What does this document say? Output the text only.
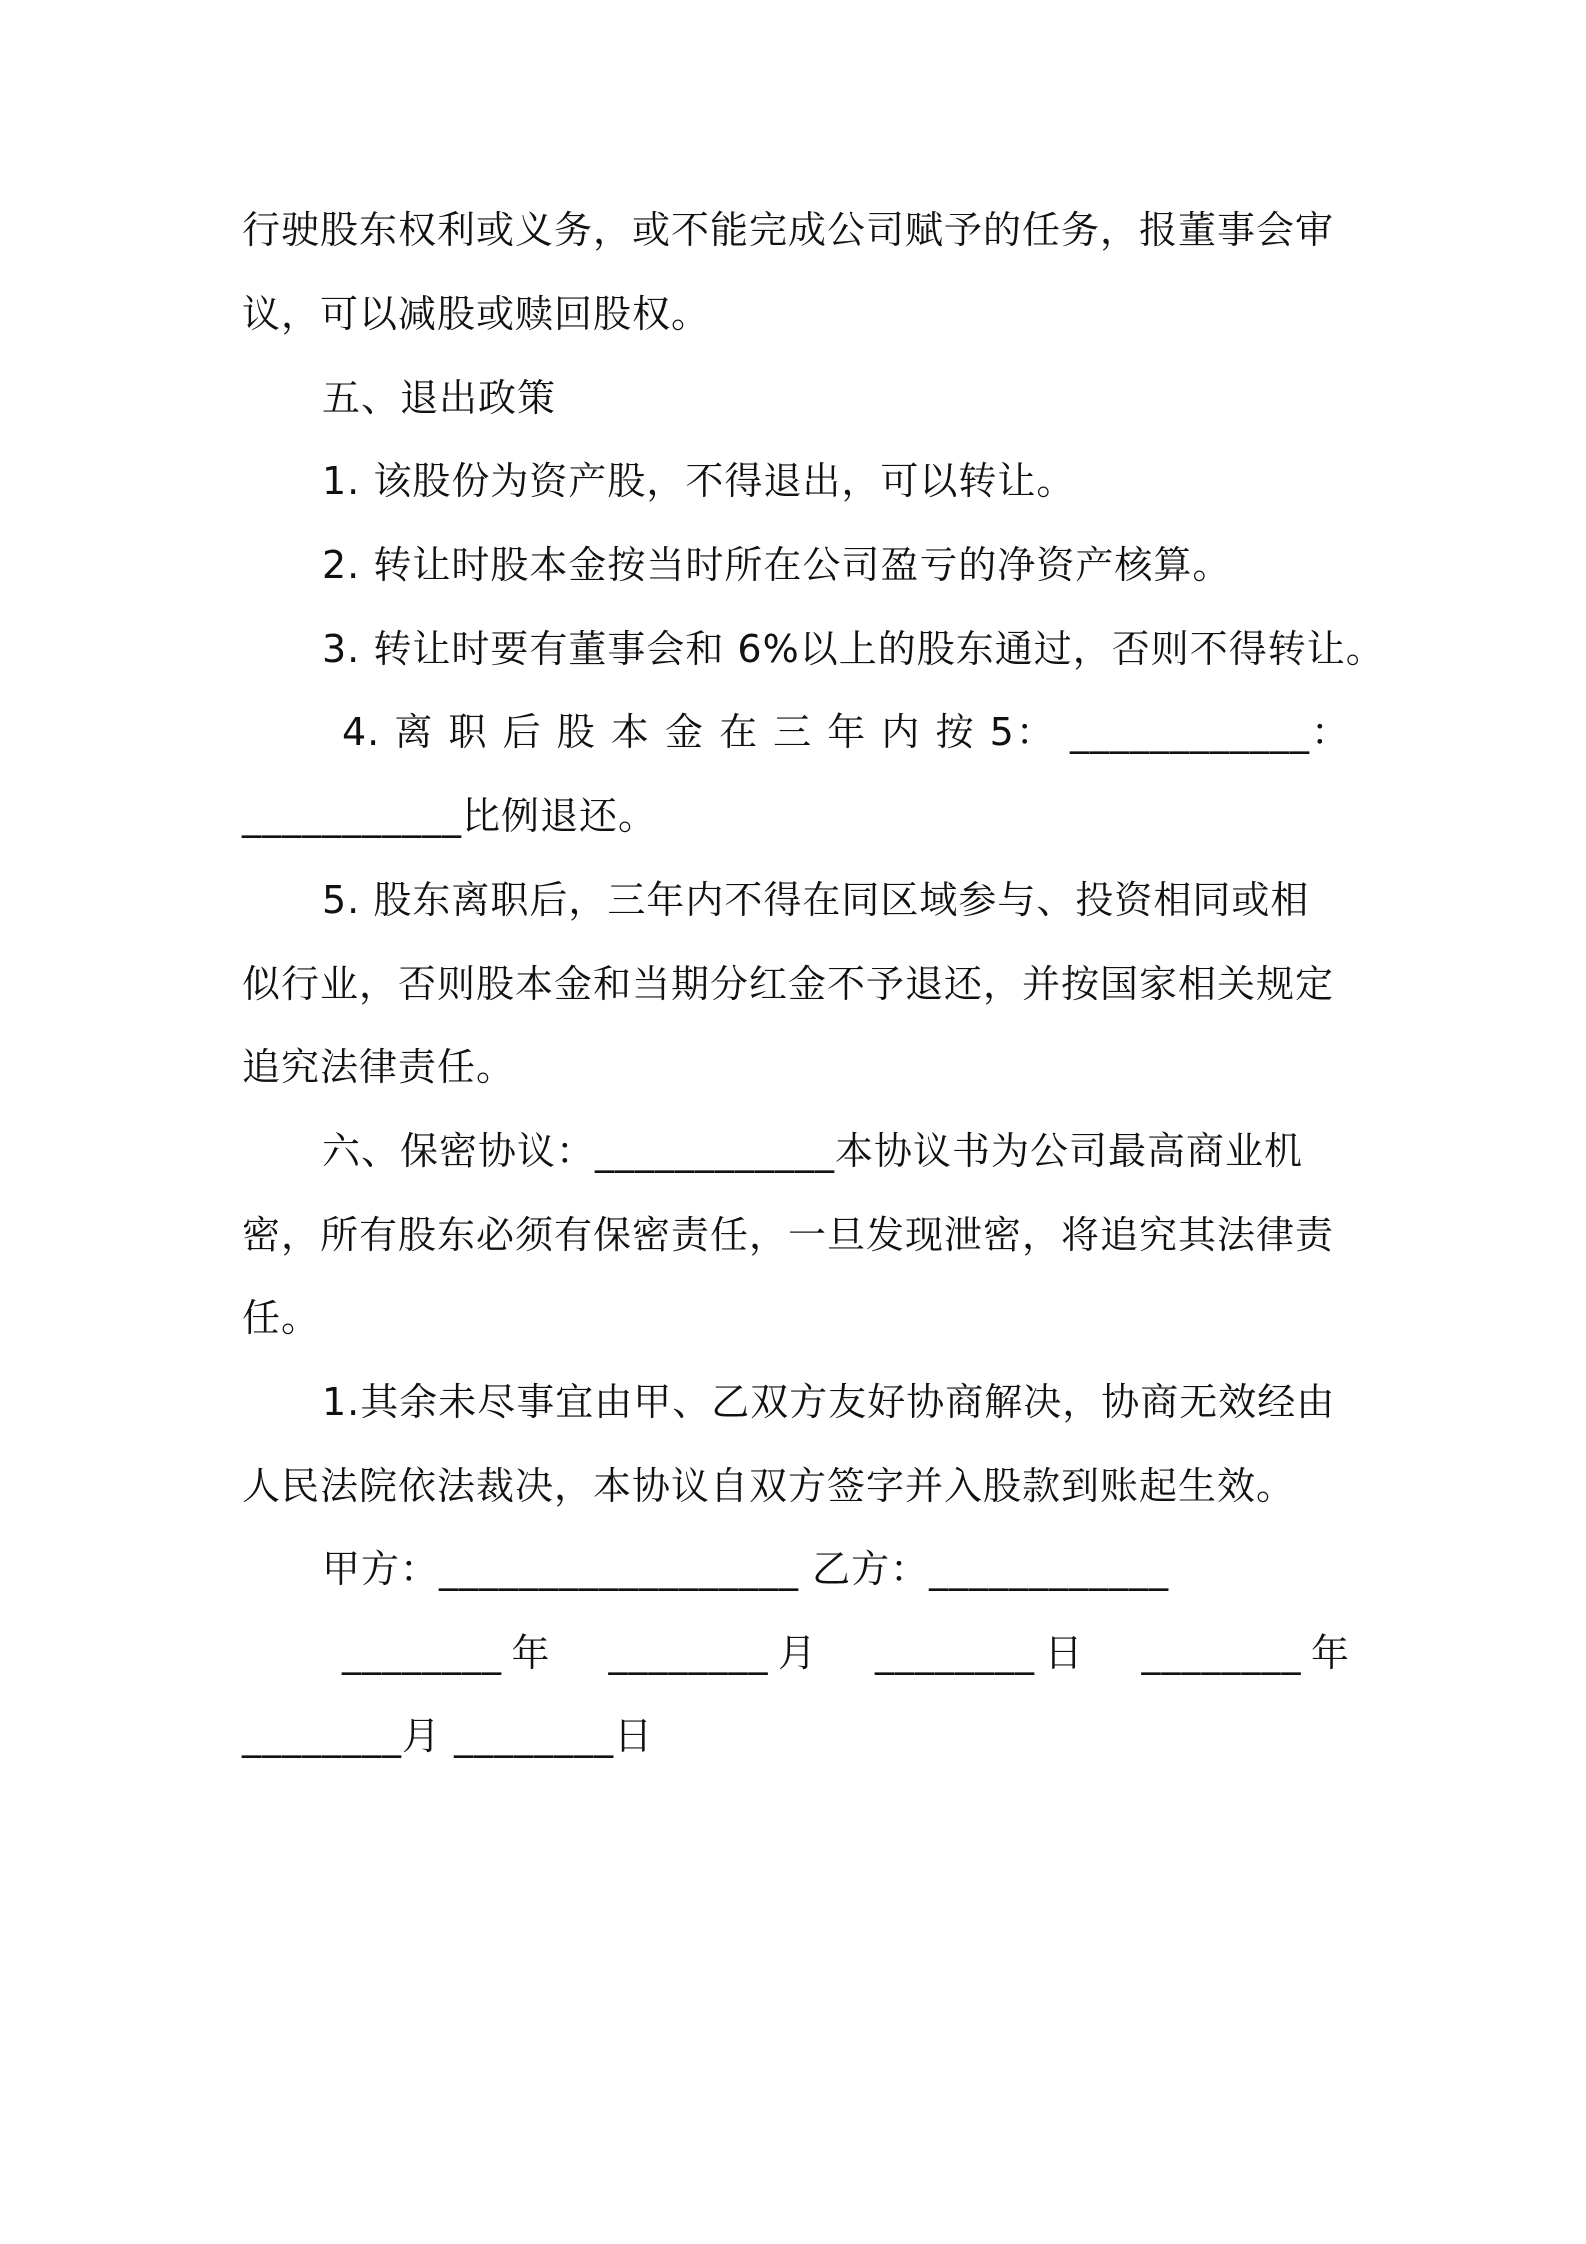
行驶股东权利或义务，或不能完成公司赋予的任务，报董事会审
议，可以减股或赎回股权。
五、退出政策
1. 该股份为资产股，不得退出，可以转让。
2. 转让时股本金按当时所在公司盈亏的净资产核算。
3. 转让时要有董事会和 6%以上的股东通过，否则不得转让。
4. 离 职 后 股 本 金 在 三 年 内 按 5： ____________：
___________比例退还。
5. 股东离职后，三年内不得在同区域参与、投资相同或相
似行业，否则股本金和当期分红金不予退还，并按国家相关规定
追究法律责任。
六、保密协议：____________本协议书为公司最高商业机
密，所有股东必须有保密责任，一旦发现泄密，将追究其法律责
任。
1.其余未尽事宜由甲、乙双方友好协商解决，协商无效经由
人民法院依法裁决，本协议自双方签字并入股款到账起生效。
甲方：__________________ 乙方：____________
________年　________月　________日　________年
________月 ________日
